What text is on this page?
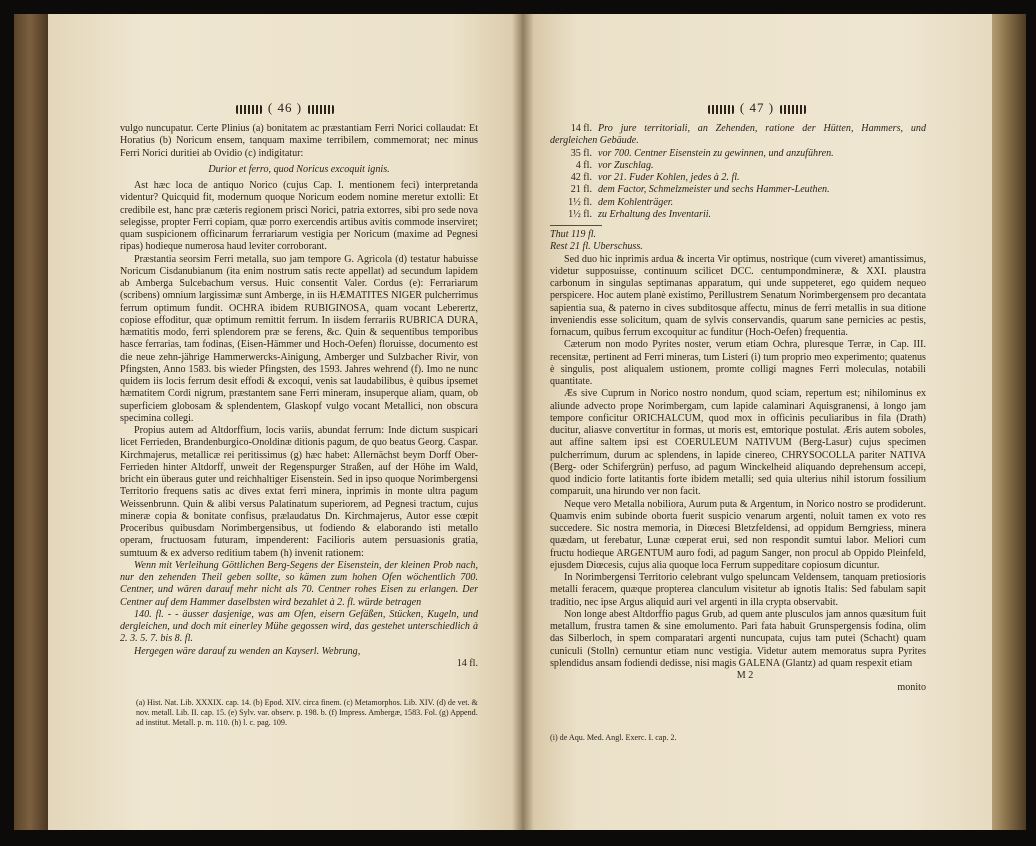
( 46 )

vulgo nuncupatur. Certe Plinius (a) bonitatem ac præstantiam Ferri Norici collaudat: Et Horatius (b) Noricum ensem, tanquam maxime terribilem, commemorat; nec minus Ferri Norici duritiei ab Ovidio (c) indigitatur:

Durior et ferro, quod Noricus excoquit ignis.

Ast hæc loca de antiquo Norico (cujus Cap. I. mentionem feci) interpretanda videntur? Quicquid fit, modernum quoque Noricum eodem nomine meretur extolli: Et credibile est, hanc præ cæteris regionem prisci Norici, patria extorres, sibi pro sede nova selegisse, propter Ferri copiam, quæ porro exercendis artibus avitis commode inserviret; quam suspicionem officinarum ferrariarum vestigia per Noricum (maxime ad Pegnesi ripas) hodieque numerosa haud leviter corroborant.

Præstantia seorsim Ferri metalla, suo jam tempore G. Agricola (d) testatur habuisse Noricum Cisdanubianum (ita enim nostrum satis recte appellat) ad secundum lapidem ab Amberga Sulcebachum versus. Huic consentit Valer. Cordus (e): Ferrariarum (scribens) omnium largissimæ sunt Amberge, in iis HÆMATITES NIGER pulcherrimus ferrum optimum fundit. OCHRA ibidem RUBIGINOSA, quam vocant Leberertz, copiose effoditur, quæ optimum remittit ferrum. In iisdem ferrariis RUBRICA DURA, hæmatitis modo, ferri splendorem præ se ferens, &c. Quin & sequentibus temporibus hasce ferrarias, tam fodinas, (Eisen-Hämmer und Hoch-Oefen) floruisse, documento est die neue zehn-jährige Hammerwercks-Ainigung, Amberger und Sulzbacher Rivir, von Pfingsten, Anno 1583. bis wieder Pfingsten, des 1593. Jahres wehrend (f). Imo ne nunc quidem iis locis ferrum desit effodi & excoqui, venis sat laudabilibus, è quibus ipsemet hæmatitem Cordi nigrum, præstantem sane Ferri mineram, insuperque aliam, quam, ob superficiem globosam & splendentem, Glaskopf vulgo vocant Metallici, non obscura specimina collegi.

Propius autem ad Altdorffium, locis variis, abundat ferrum: Inde dictum suspicari licet Ferrieden, Brandenburgico-Onoldinæ ditionis pagum, de quo beatus Georg. Caspar. Kirchmajerus, metallicæ rei peritissimus (g) hæc habet: Allernächst beym Dorff Ober-Ferrieden hinter Altdorff, unweit der Regenspurger Straßen, auf der Höhe im Wald, bricht ein überaus guter und reichhaltiger Eisenstein. Sed in ipso quoque Norimbergensi Territorio frequens satis ac dives extat ferri minera, inprimis in monte ultra pagum Weissenbrunn. Quin & alibi versus Palatinatum superiorem, ad Pegnesi tractum, cujus mineræ copia & bonitate confisus, prælaudatus Dn. Kirchmajerus, Autor esse cœpit Proceribus quibusdam Norimbergensibus, ut fodiendo & elaborando isti metallo operam, fructuosam futuram, impenderent: Facilioris autem persuasionis gratia, sumtuum & ex adverso reditium tabem (h) invenit rationem:

Wenn mit Verleihung Göttlichen Berg-Segens der Eisenstein, der kleinen Prob nach, nur den zehenden Theil geben sollte, so kämen zum hohen Ofen wöchentlich 700. Centner, und wären darauf mehr nicht als 70. Centner rohes Eisen zu erlangen. Der Centner auf dem Hammer daselbsten wird bezahlet à 2. fl. würde betragen

140. fl. - - äusser dasjenige, was am Ofen, eisern Gefäßen, Stücken, Kugeln, und dergleichen, und doch mit einerley Mühe gegossen wird, das gestehet unterschiedlich à 2. 3. 5. 7. bis 8. fl.

Hergegen wäre darauf zu wenden an Kayserl. Webrung,

14 fl.

(a) Hist. Nat. Lib. XXXIX. cap. 14. (b) Epod. XIV. circa finem. (c) Metamorphos. Lib. XIV. (d) de vet. & nov. metall. Lib. II. cap. 15. (e) Sylv. var. observ. p. 198. b. (f) Impress. Ambergæ, 1583. Fol. (g) Append. ad institut. Metall. p. m. 110. (h) l. c. pag. 109.
( 47 )

14 fl. Pro jure territoriali, an Zehenden, ratione der Hütten, Hammers, und dergleichen Gebäude.

35 fl. vor 700. Centner Eisenstein zu gewinnen, und anzuführen.

4 fl. vor Zuschlag.

42 fl. vor 21. Fuder Kohlen, jedes à 2. fl.

21 fl. dem Factor, Schmelzmeister und sechs Hammer-Leuthen.

1½ fl. dem Kohlenträger.

1½ fl. zu Erhaltung des Inventarii.

Thut 119 fl.

Rest 21 fl. Uberschuss.

Sed duo hic inprimis ardua & incerta Vir optimus, nostrique (cum viveret) amantissimus, videtur supposuisse, continuum scilicet DCC. centumpondmineræ, & XXI. plaustra carbonum in singulas septimanas apparatum, qui unde suppeteret, ego quidem nequeo perspicere. Hoc autem planè existimo, Perillustrem Senatum Norimbergensem pro decantata sapientia sua, & paterno in cives subditosque affectu, minus de ferri metallis in sua ditione inveniendis esse solicitum, quam de sylvis conservandis, quarum sane pernicies ac pestis, fornacum, quibus ferrum excoquitur ac funditur (Hoch-Oefen) frequentia.

Cæterum non modo Pyrites noster, verum etiam Ochra, pluresque Terræ, in Cap. III. recensitæ, pertinent ad Ferri mineras, tum Listeri (i) tum proprio meo experimento; quatenus è singulis, post aliqualem ustionem, promte colligi magnes Ferri moleculas, notabili quantitate.

Æs sive Cuprum in Norico nostro nondum, quod sciam, repertum est; nihilominus ex aliunde advecto prope Norimbergam, cum lapide calaminari Aquisgranensi, à longo jam tempore conficitur ORICHALCUM, quod mox in officinis peculiaribus in fila (Drath) ducitur, aliasve convertitur in formas, ut moris est, emtorique postulat. Æris autem soboles, aut affine saltem ipsi est COERULEUM NATIVUM (Berg-Lasur) cujus specimen pulcherrimum, durum ac splendens, in lapide cinereo, CHRYSOCOLLA pariter NATIVA (Berg- oder Schifergrün) perfuso, ad pagum Winckelheid aliquando deprehensum accepi, quod indicio forte latitantis forte ibidem metalli; sed quia ulterius nihil istorum fossilium comparuit, una hirundo ver non facit.

Neque vero Metalla nobiliora, Aurum puta & Argentum, in Norico nostro se prodiderunt. Quamvis enim subinde oborta fuerit suspicio venarum argenti, noluit tamen ex voto res succedere. Sic nostra memoria, in Diœcesi Bletzfeldensi, ad oppidum Berngriess, minera quædam, ut ferebatur, Lunæ cœperat erui, sed non respondit sumtui labor. Meliori cum fructu hodieque ARGENTUM auro fodi, ad pagum Sanger, non procul ab Oppido Pleinfeld, ejusdem Diœcesis, cujus alia quoque loca Ferrum suppeditare copiosum dicuntur.

In Norimbergensi Territorio celebrant vulgo speluncam Veldensem, tanquam pretiosioris metalli feracem, quæque propterea clanculum visitetur ab ignotis Italis: Sed fabulam sapit traditio, nec ipse Argus aliquid auri vel argenti in illa crypta observabit.

Non longe abest Altdorffio pagus Grub, ad quem ante plusculos jam annos quæsitum fuit metallum, frustra tamen & sine emolumento. Pari fata habuit Grunspergensis fodina, olim das Silberloch, in spem comparatari argenti nuncupata, cujus tam putei (Schacht) quam cuniculi (Stolln) cernuntur etiam nunc vestigia. Videtur autem memoratus supra Pyrites splendidus ansam fodiendi dedisse, nisi magis GALENA (Glantz) ad quam respexit etiam

M 2

monito

(i) de Aqu. Med. Angl. Exerc. I. cap. 2.
